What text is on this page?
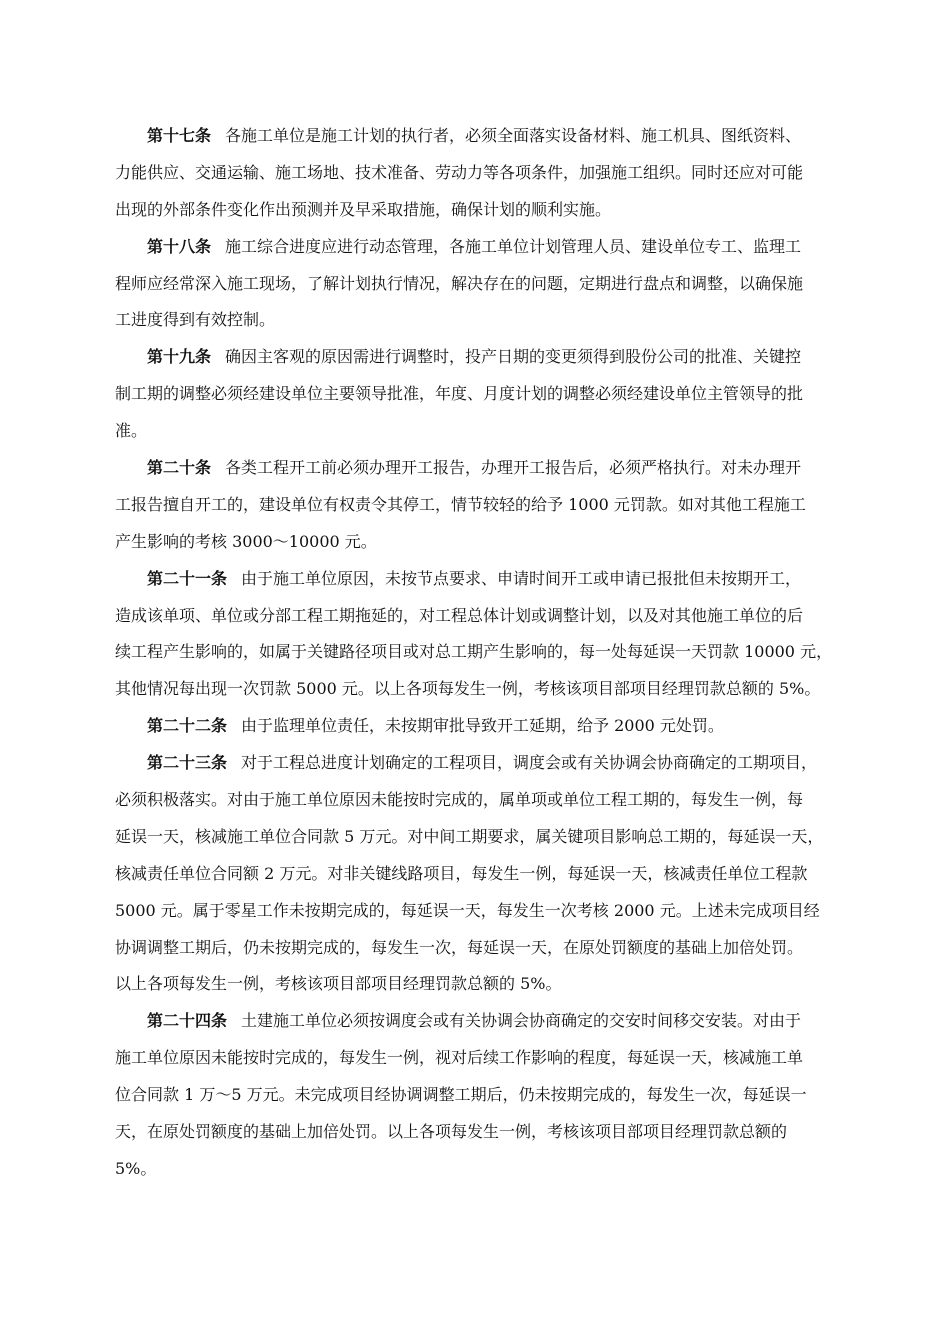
第十七条 各施工单位是施工计划的执行者，必须全面落实设备材料、施工机具、图纸资料、
力能供应、交通运输、施工场地、技术准备、劳动力等各项条件，加强施工组织。同时还应对可能
出现的外部条件变化作出预测并及早采取措施，确保计划的顺利实施。
第十八条 施工综合进度应进行动态管理，各施工单位计划管理人员、建设单位专工、监理工
程师应经常深入施工现场，了解计划执行情况，解决存在的问题，定期进行盘点和调整，以确保施
工进度得到有效控制。
第十九条 确因主客观的原因需进行调整时，投产日期的变更须得到股份公司的批准、关键控
制工期的调整必须经建设单位主要领导批准，年度、月度计划的调整必须经建设单位主管领导的批
准。
第二十条 各类工程开工前必须办理开工报告，办理开工报告后，必须严格执行。对未办理开
工报告擅自开工的，建设单位有权责令其停工，情节较轻的给予 1000 元罚款。如对其他工程施工
产生影响的考核 3000～10000 元。
第二十一条 由于施工单位原因，未按节点要求、申请时间开工或申请已报批但未按期开工，
造成该单项、单位或分部工程工期拖延的，对工程总体计划或调整计划，以及对其他施工单位的后
续工程产生影响的，如属于关键路径项目或对总工期产生影响的，每一处每延误一天罚款 10000 元，
其他情况每出现一次罚款 5000 元。以上各项每发生一例，考核该项目部项目经理罚款总额的 5%。
第二十二条 由于监理单位责任，未按期审批导致开工延期，给予 2000 元处罚。
第二十三条 对于工程总进度计划确定的工程项目，调度会或有关协调会协商确定的工期项目，
必须积极落实。对由于施工单位原因未能按时完成的，属单项或单位工程工期的，每发生一例，每
延误一天，核减施工单位合同款 5 万元。对中间工期要求，属关键项目影响总工期的，每延误一天，
核减责任单位合同额 2 万元。对非关键线路项目，每发生一例，每延误一天，核减责任单位工程款
5000 元。属于零星工作未按期完成的，每延误一天，每发生一次考核 2000 元。上述未完成项目经
协调调整工期后，仍未按期完成的，每发生一次，每延误一天，在原处罚额度的基础上加倍处罚。
以上各项每发生一例，考核该项目部项目经理罚款总额的 5%。
第二十四条 土建施工单位必须按调度会或有关协调会协商确定的交安时间移交安装。对由于
施工单位原因未能按时完成的，每发生一例，视对后续工作影响的程度，每延误一天，核减施工单
位合同款 1 万～5 万元。未完成项目经协调调整工期后，仍未按期完成的，每发生一次，每延误一
天，在原处罚额度的基础上加倍处罚。以上各项每发生一例，考核该项目部项目经理罚款总额的
5%。
